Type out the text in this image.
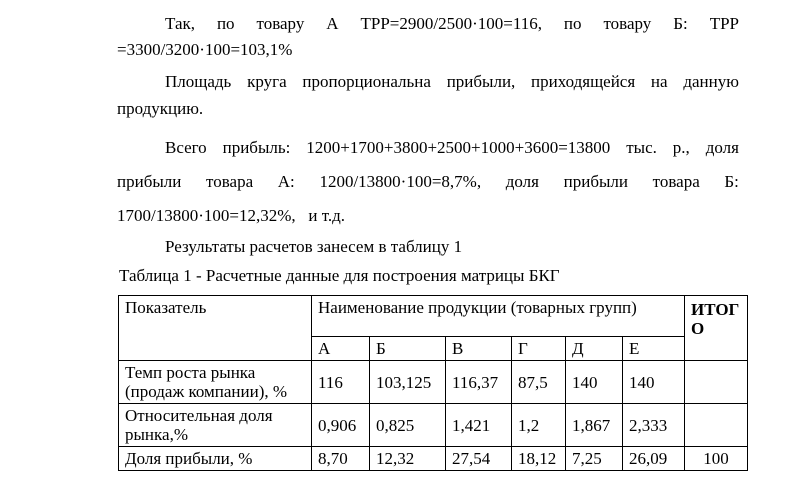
Так, по товару А ТРР=2900/2500·100=116, по товару Б: ТРР
=3300/3200·100=103,1%
Площадь круга пропорциональна прибыли, приходящейся на данную
продукцию.
Всего прибыль: 1200+1700+3800+2500+1000+3600=13800 тыс. р., доля
прибыли товара А: 1200/13800·100=8,7%, доля прибыли товара Б:
1700/13800·100=12,32%,   и т.д.
Результаты расчетов занесем в таблицу 1
Таблица 1 - Расчетные данные для построения матрицы БКГ
Показатель	Наименование продукции (товарных групп)						ИТОГ
О

	А	Б	В	Г	Д	Е	

Темп роста рынка
(продаж компании), %	116	103,125	116,37	87,5	140	140	

Относительная доля
рынка,%	0,906	0,825	1,421	1,2	1,867	2,333	

Доля прибыли, %	8,70	12,32	27,54	18,12	7,25	26,09	100
